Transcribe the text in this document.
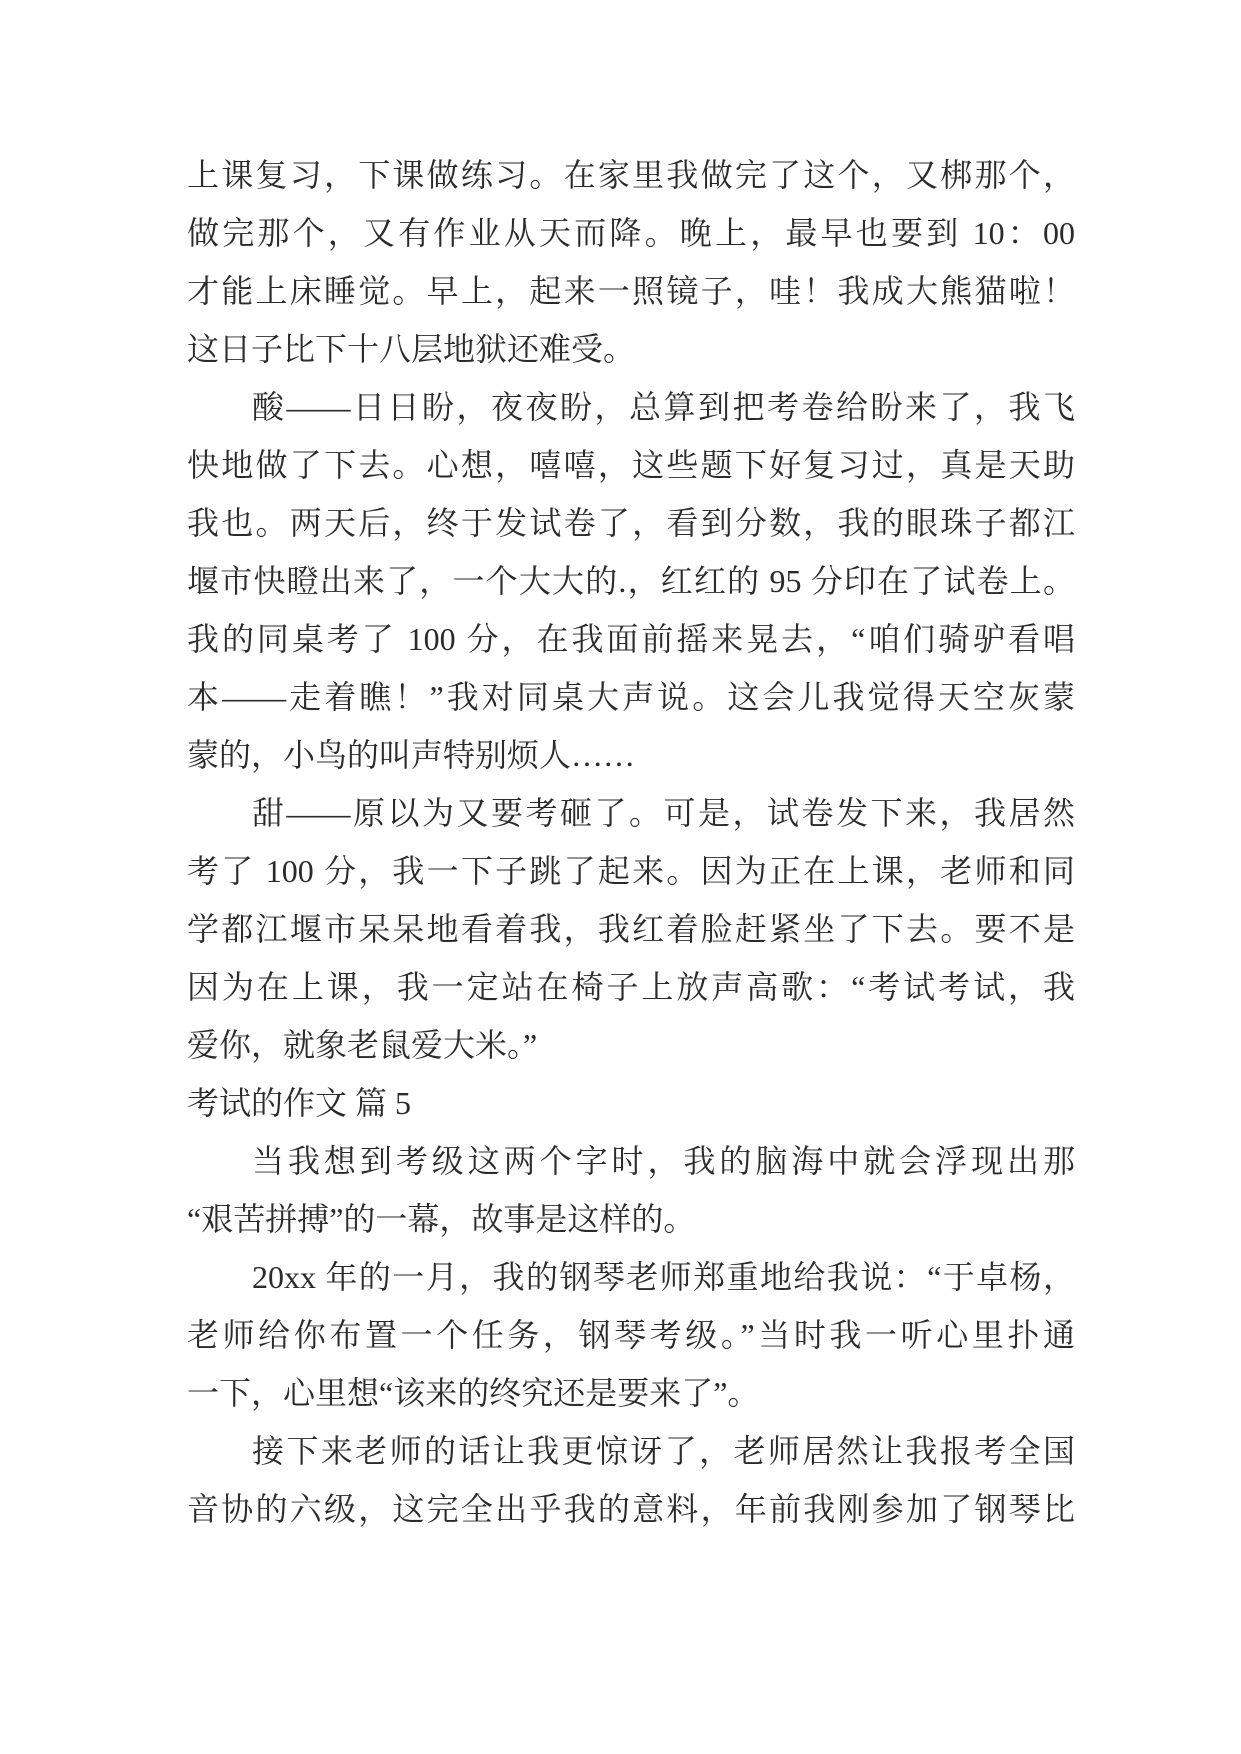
上课复习，下课做练习。在家里我做完了这个，又梆那个，
做完那个，又有作业从天而降。晚上，最早也要到 10：00
才能上床睡觉。早上，起来一照镜子，哇！我成大熊猫啦！
这日子比下十八层地狱还难受。
酸——日日盼，夜夜盼，总算到把考卷给盼来了，我飞
快地做了下去。心想，嘻嘻，这些题下好复习过，真是天助
我也。两天后，终于发试卷了，看到分数，我的眼珠子都江
堰市快瞪出来了，一个大大的.，红红的 95 分印在了试卷上。
我的同桌考了 100 分，在我面前摇来晃去，“咱们骑驴看唱
本——走着瞧！”我对同桌大声说。这会儿我觉得天空灰蒙
蒙的，小鸟的叫声特别烦人……
甜——原以为又要考砸了。可是，试卷发下来，我居然
考了 100 分，我一下子跳了起来。因为正在上课，老师和同
学都江堰市呆呆地看着我，我红着脸赶紧坐了下去。要不是
因为在上课，我一定站在椅子上放声高歌：“考试考试，我
爱你，就象老鼠爱大米。”
考试的作文 篇 5
当我想到考级这两个字时，我的脑海中就会浮现出那
“艰苦拼搏”的一幕，故事是这样的。
20xx 年的一月，我的钢琴老师郑重地给我说：“于卓杨，
老师给你布置一个任务，钢琴考级。”当时我一听心里扑通
一下，心里想“该来的终究还是要来了”。
接下来老师的话让我更惊讶了，老师居然让我报考全国
音协的六级，这完全出乎我的意料，年前我刚参加了钢琴比
